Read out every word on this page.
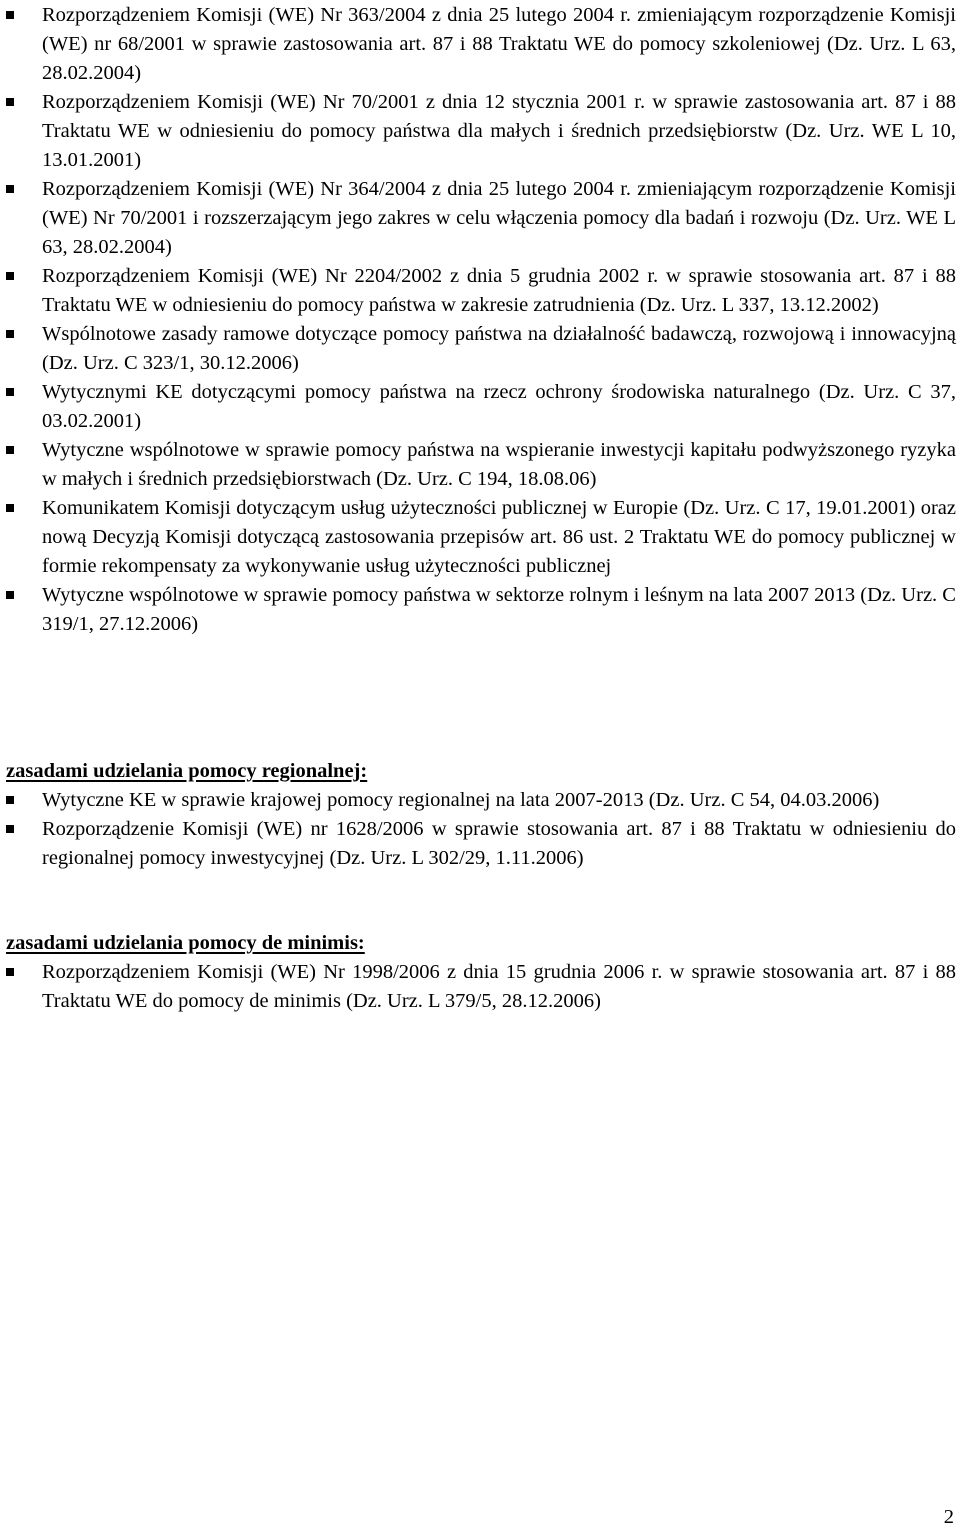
Rozporządzeniem Komisji (WE) Nr 363/2004 z dnia 25 lutego 2004 r. zmieniającym rozporządzenie Komisji (WE) nr 68/2001 w sprawie zastosowania art. 87 i 88 Traktatu WE do pomocy szkoleniowej (Dz. Urz. L 63, 28.02.2004)
Rozporządzeniem Komisji (WE) Nr 70/2001 z dnia 12 stycznia 2001 r. w sprawie zastosowania art. 87 i 88 Traktatu WE w odniesieniu do pomocy państwa dla małych i średnich przedsiębiorstw (Dz. Urz. WE L 10, 13.01.2001)
Rozporządzeniem Komisji (WE) Nr 364/2004 z dnia 25 lutego 2004 r. zmieniającym rozporządzenie Komisji (WE) Nr 70/2001 i rozszerzającym jego zakres w celu włączenia pomocy dla badań i rozwoju (Dz. Urz. WE L 63, 28.02.2004)
Rozporządzeniem Komisji (WE) Nr 2204/2002 z dnia 5 grudnia 2002 r. w sprawie stosowania art. 87 i 88 Traktatu WE w odniesieniu do pomocy państwa w zakresie zatrudnienia (Dz. Urz. L 337, 13.12.2002)
Wspólnotowe zasady ramowe dotyczące pomocy państwa na działalność badawczą, rozwojową i innowacyjną (Dz. Urz. C 323/1, 30.12.2006)
Wytycznymi KE dotyczącymi pomocy państwa na rzecz ochrony środowiska naturalnego (Dz. Urz. C 37, 03.02.2001)
Wytyczne wspólnotowe w sprawie pomocy państwa na wspieranie inwestycji kapitału podwyższonego ryzyka w małych i średnich przedsiębiorstwach (Dz. Urz. C 194, 18.08.06)
Komunikatem Komisji dotyczącym usług użyteczności publicznej w Europie (Dz. Urz. C 17, 19.01.2001) oraz nową Decyzją Komisji dotyczącą zastosowania przepisów art. 86 ust. 2 Traktatu WE do pomocy publicznej w formie rekompensaty za wykonywanie usług użyteczności publicznej
Wytyczne wspólnotowe w sprawie pomocy państwa w sektorze rolnym i leśnym na lata 2007 2013 (Dz. Urz. C 319/1, 27.12.2006)
zasadami udzielania pomocy regionalnej:
Wytyczne KE w sprawie krajowej pomocy regionalnej na lata 2007-2013 (Dz. Urz. C 54, 04.03.2006)
Rozporządzenie Komisji (WE) nr 1628/2006 w sprawie stosowania art. 87 i 88 Traktatu w odniesieniu do regionalnej pomocy inwestycyjnej (Dz. Urz. L 302/29, 1.11.2006)
zasadami udzielania pomocy de minimis:
Rozporządzeniem Komisji (WE) Nr 1998/2006 z dnia 15 grudnia 2006 r. w sprawie stosowania art. 87 i 88 Traktatu WE do pomocy de minimis (Dz. Urz. L 379/5, 28.12.2006)
2
